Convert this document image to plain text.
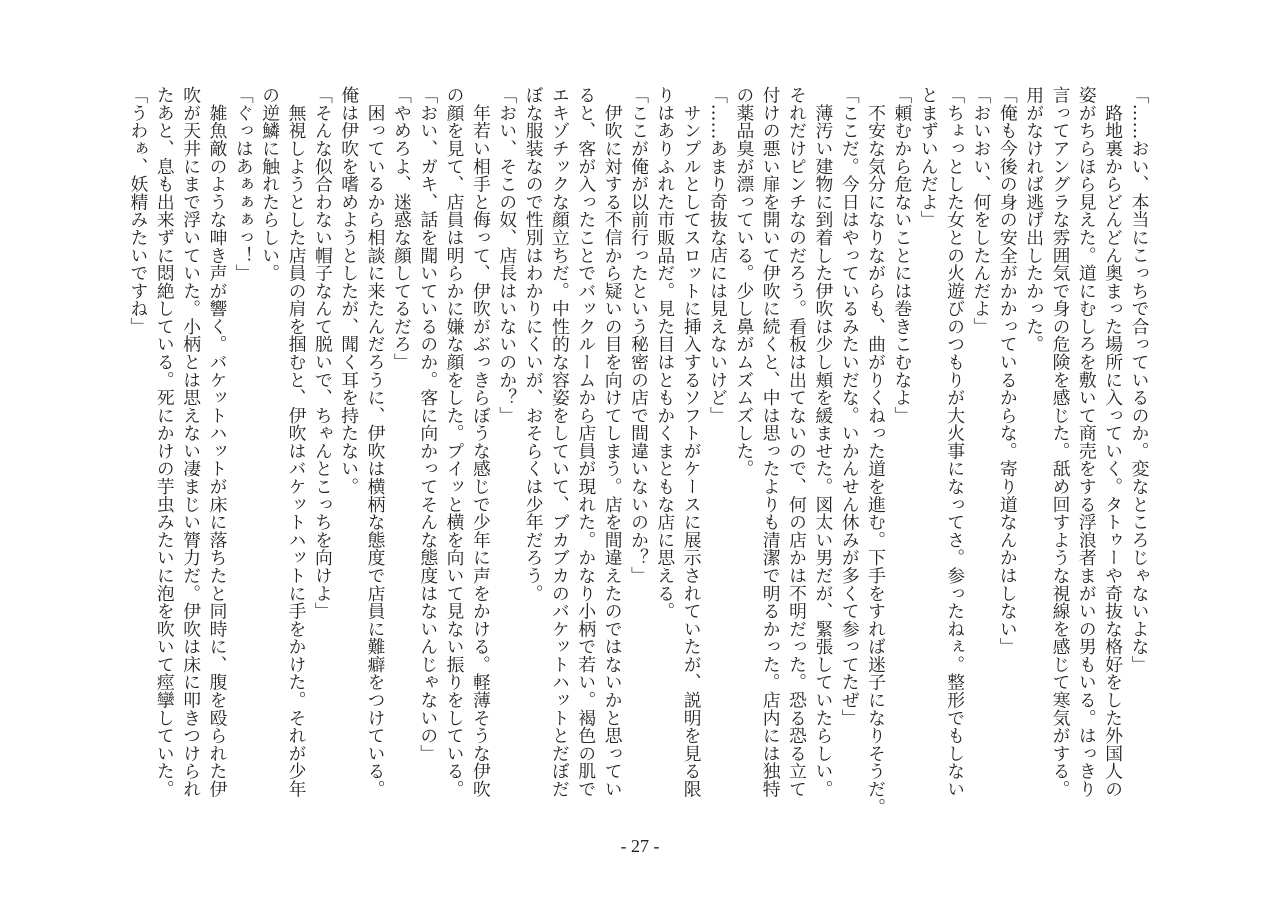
「……おい、本当にこっちで合っているのか。変なところじゃないよな」
　路地裏からどんどん奥まった場所に入っていく。タトゥーや奇抜な格好をした外国人の
姿がちらほら見えた。道にむしろを敷いて商売をする浮浪者まがいの男もいる。はっきり
言ってアングラな雰囲気で身の危険を感じた。舐め回すような視線を感じて寒気がする。
用がなければ逃げ出したかった。
「俺も今後の身の安全がかかっているからな。寄り道なんかはしない」
「おいおい、何をしたんだよ」
「ちょっとした女との火遊びのつもりが大火事になってさ。参ったねぇ。整形でもしない
とまずいんだよ」
「頼むから危ないことには巻きこむなよ」
　不安な気分になりながらも、曲がりくねった道を進む。下手をすれば迷子になりそうだ。
「ここだ。今日はやっているみたいだな。いかんせん休みが多くて参ってたぜ」
　薄汚い建物に到着した伊吹は少し頬を緩ませた。図太い男だが、緊張していたらしい。
それだけピンチなのだろう。看板は出てないので、何の店かは不明だった。恐る恐る立て
付けの悪い扉を開いて伊吹に続くと、中は思ったよりも清潔で明るかった。店内には独特
の薬品臭が漂っている。少し鼻がムズムズした。
「……あまり奇抜な店には見えないけど」
　サンプルとしてスロットに挿入するソフトがケースに展示されていたが、説明を見る限
りはありふれた市販品だ。見た目はともかくまともな店に思える。
「ここが俺が以前行ったという秘密の店で間違いないのか？」
　伊吹に対する不信から疑いの目を向けてしまう。店を間違えたのではないかと思ってい
ると、客が入ったことでバックルームから店員が現れた。かなり小柄で若い。褐色の肌で
エキゾチックな顔立ちだ。中性的な容姿をしていて、ブカブカのバケットハットとだぼだ
ぼな服装なので性別はわかりにくいが、おそらくは少年だろう。
「おい、そこの奴、店長はいないのか？」
　年若い相手と侮って、伊吹がぶっきらぼうな感じで少年に声をかける。軽薄そうな伊吹
の顔を見て、店員は明らかに嫌な顔をした。プイッと横を向いて見ない振りをしている。
「おい、ガキ、話を聞いているのか。客に向かってそんな態度はないんじゃないの」
「やめろよ、迷惑な顔してるだろ」
　困っているから相談に来たんだろうに、伊吹は横柄な態度で店員に難癖をつけている。
俺は伊吹を嗜めようとしたが、聞く耳を持たない。
「そんな似合わない帽子なんて脱いで、ちゃんとこっちを向けよ」
　無視しようとした店員の肩を掴むと、伊吹はバケットハットに手をかけた。それが少年
の逆鱗に触れたらしい。
「ぐっはあぁぁぁっ！」
　雑魚敵のような呻き声が響く。バケットハットが床に落ちたと同時に、腹を殴られた伊
吹が天井にまで浮いていた。小柄とは思えない凄まじい膂力だ。伊吹は床に叩きつけられ
たあと、息も出来ずに悶絶している。死にかけの芋虫みたいに泡を吹いて痙攣していた。
「うわぁ、妖精みたいですね」
- 27 -
